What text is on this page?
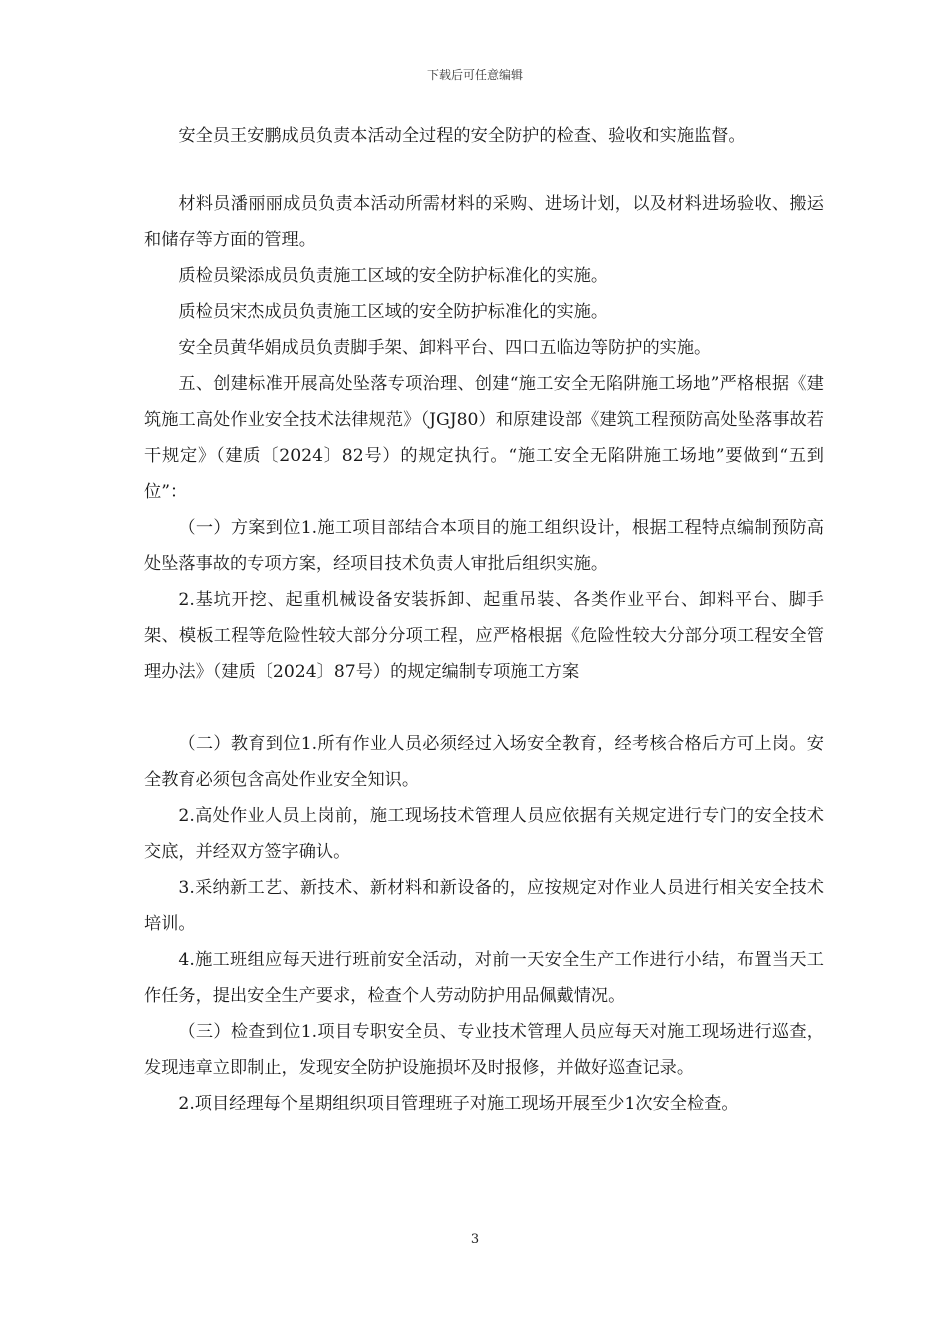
下载后可任意编辑

安全员王安鹏成员负责本活动全过程的安全防护的检查、验收和实施监督。

材料员潘丽丽成员负责本活动所需材料的采购、进场计划，以及材料进场验收、搬运和储存等方面的管理。

质检员梁添成员负责施工区域的安全防护标准化的实施。

质检员宋杰成员负责施工区域的安全防护标准化的实施。

安全员黄华娟成员负责脚手架、卸料平台、四口五临边等防护的实施。

五、创建标准开展高处坠落专项治理、创建“施工安全无陷阱施工场地”严格根据《建筑施工高处作业安全技术法律规范》（JGJ80）和原建设部《建筑工程预防高处坠落事故若干规定》（建质〔2024〕82号）的规定执行。“施工安全无陷阱施工场地”要做到“五到位”：

（一）方案到位1.施工项目部结合本项目的施工组织设计，根据工程特点编制预防高处坠落事故的专项方案，经项目技术负责人审批后组织实施。

2.基坑开挖、起重机械设备安装拆卸、起重吊装、各类作业平台、卸料平台、脚手架、模板工程等危险性较大部分分项工程，应严格根据《危险性较大分部分项工程安全管理办法》（建质〔2024〕87号）的规定编制专项施工方案

（二）教育到位1.所有作业人员必须经过入场安全教育，经考核合格后方可上岗。安全教育必须包含高处作业安全知识。

2.高处作业人员上岗前，施工现场技术管理人员应依据有关规定进行专门的安全技术交底，并经双方签字确认。

3.采纳新工艺、新技术、新材料和新设备的，应按规定对作业人员进行相关安全技术培训。

4.施工班组应每天进行班前安全活动，对前一天安全生产工作进行小结，布置当天工作任务，提出安全生产要求，检查个人劳动防护用品佩戴情况。

（三）检查到位1.项目专职安全员、专业技术管理人员应每天对施工现场进行巡查，发现违章立即制止，发现安全防护设施损坏及时报修，并做好巡查记录。

2.项目经理每个星期组织项目管理班子对施工现场开展至少1次安全检查。

3
